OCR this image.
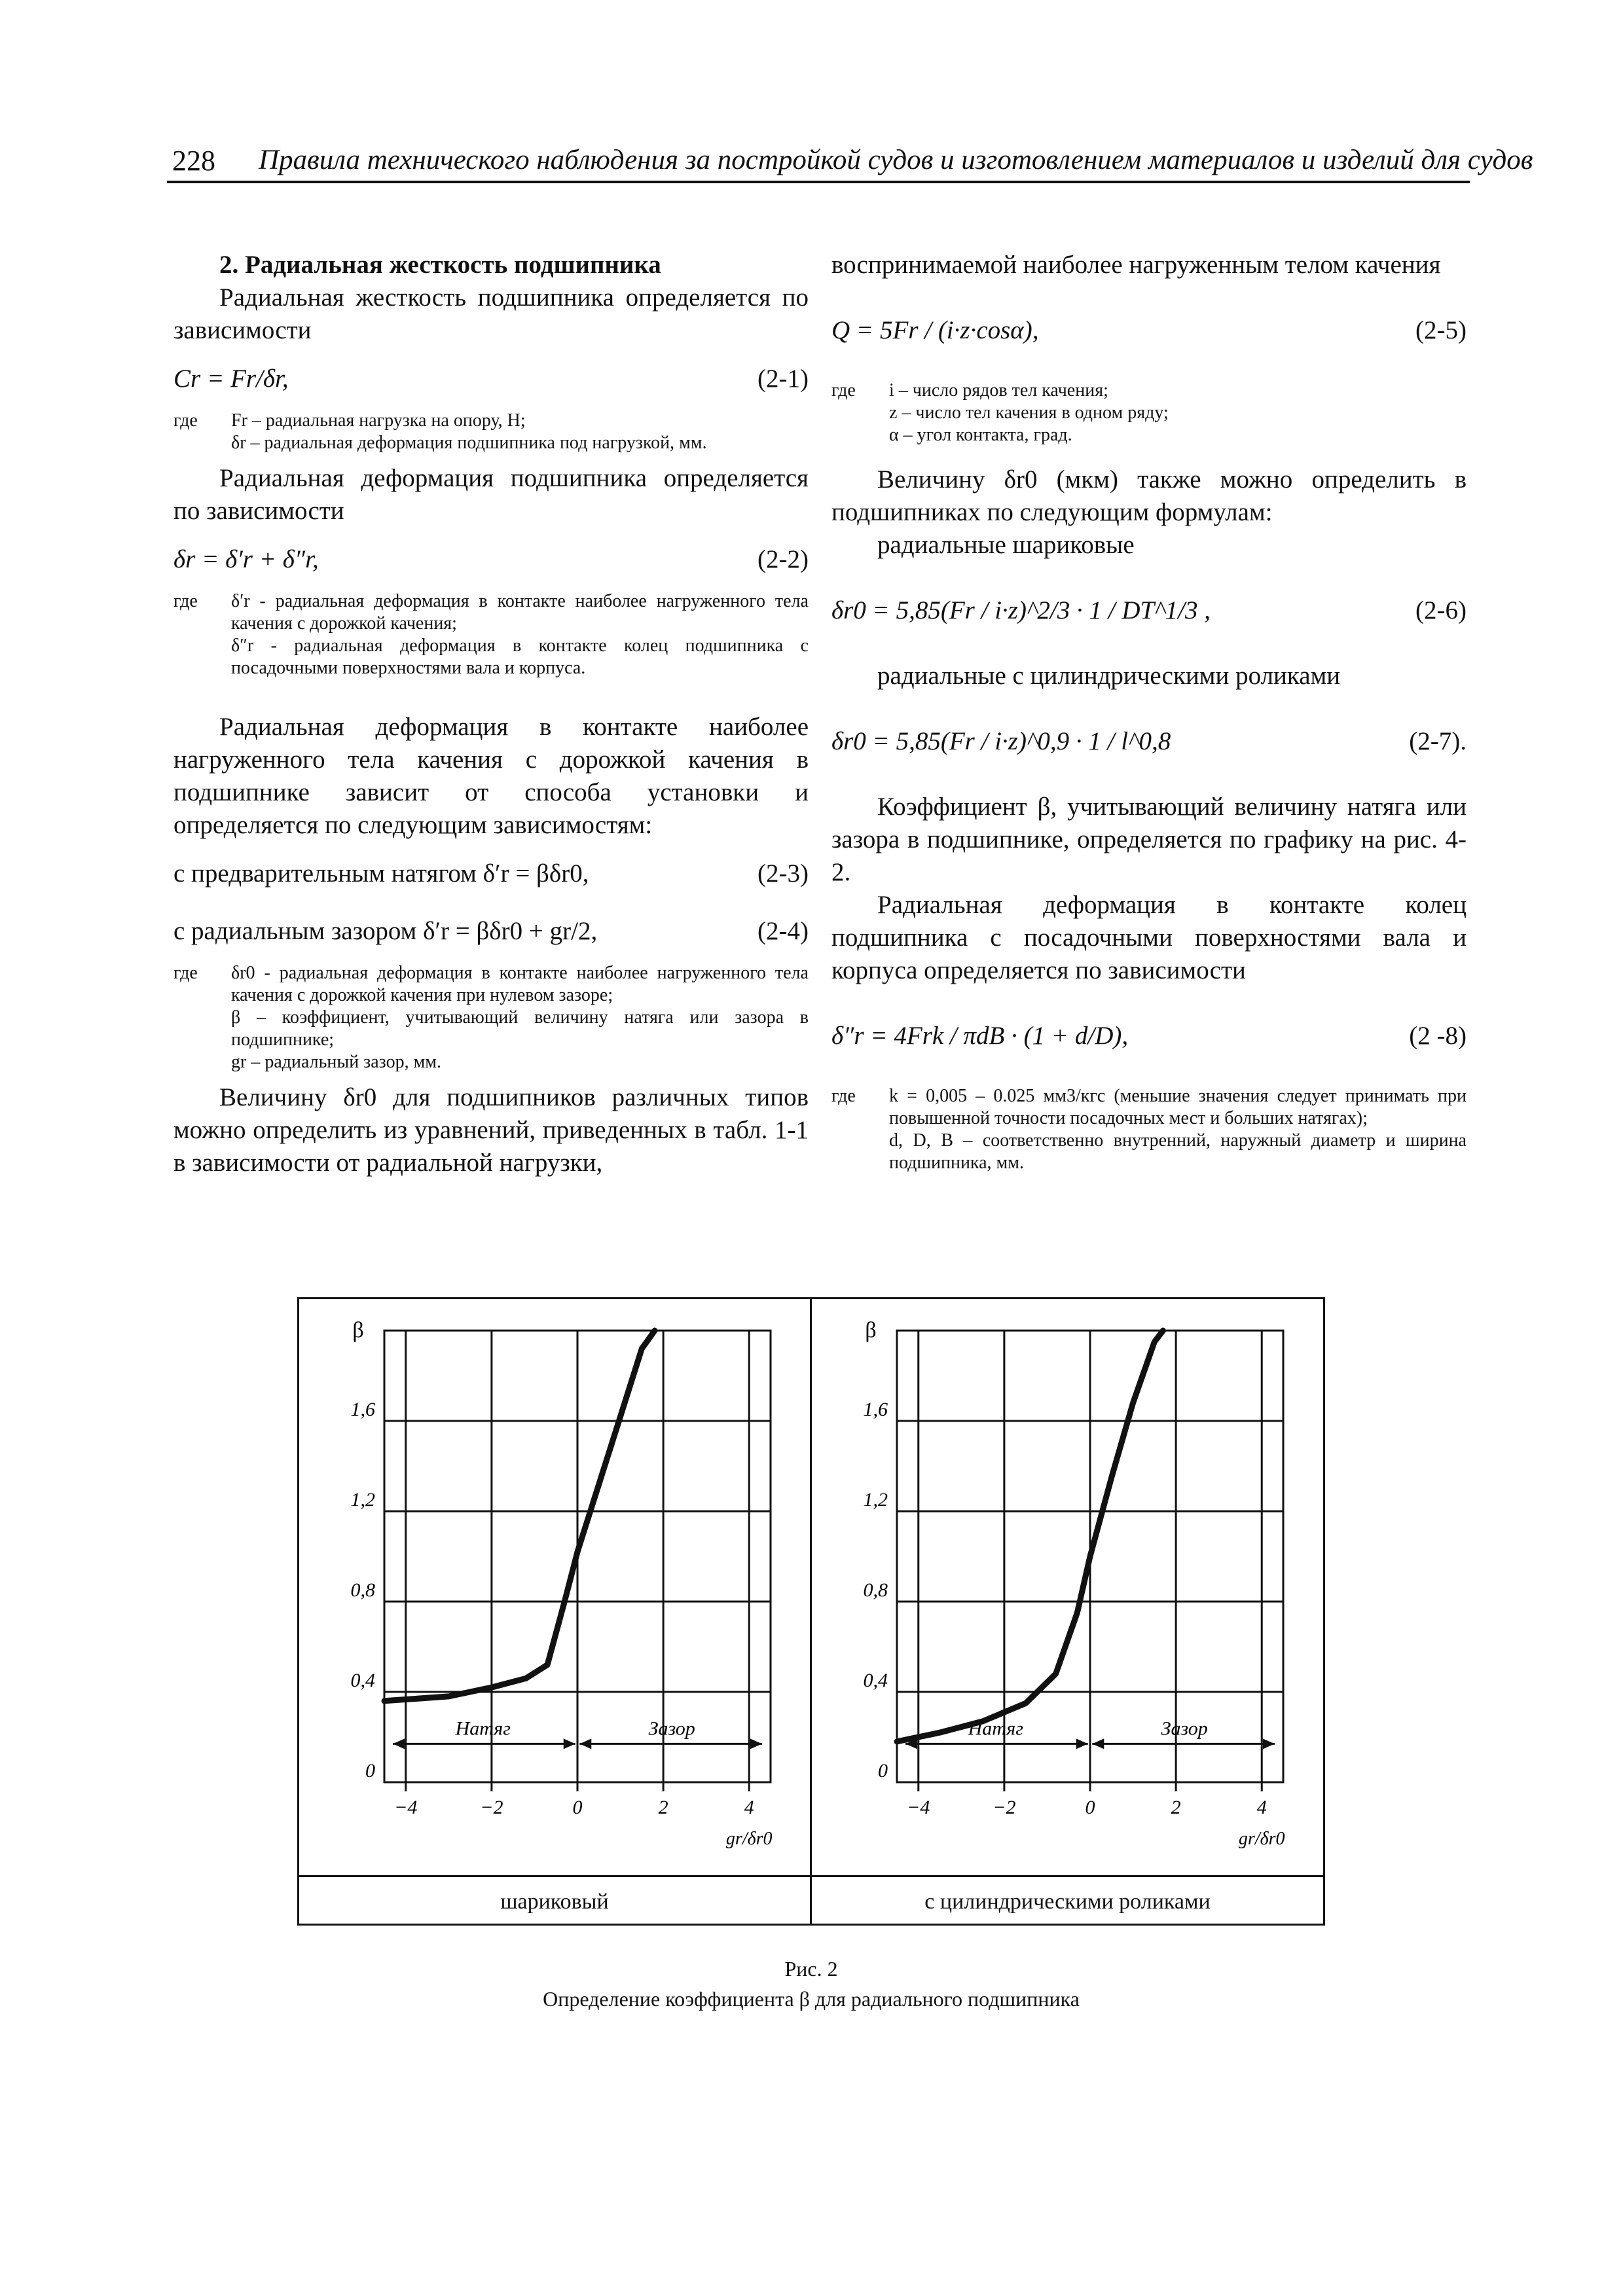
228 Правила технического наблюдения за постройкой судов и изготовлением материалов и изделий для судов
2. Радиальная жесткость подшипника

Радиальная жесткость подшипника определяется по зависимости

Cr = Fr/δr,	(2-1)
где	Fr – радиальная нагрузка на опору, Н;
δr – радиальная деформация подшипника под нагрузкой, мм.

Радиальная деформация подшипника определяется по зависимости

δr = δ′r + δ″r,	(2-2)
где	δ′r - радиальная деформация в контакте наиболее нагруженного тела качения с дорожкой качения;
δ″r - радиальная деформация в контакте колец подшипника с посадочными поверхностями вала и корпуса.

Радиальная деформация в контакте наиболее нагруженного тела качения с дорожкой качения в подшипнике зависит от способа установки и определяется по следующим зависимостям:

с предварительным натягом δ′r = βδr0,	(2-3)
с радиальным зазором δ′r = βδr0 + gr/2,	(2-4)
где	δr0 - радиальная деформация в контакте наиболее нагруженного тела качения с дорожкой качения при нулевом зазоре;
β – коэффициент, учитывающий величину натяга или зазора в подшипнике;
gr – радиальный зазор, мм.

Величину δr0 для подшипников различных типов можно определить из уравнений, приведенных в табл. 1-1 в зависимости от радиальной нагрузки,

воспринимаемой наиболее нагруженным телом качения

Q = 5Fr / (i·z·cosα),	(2-5)
где	i – число рядов тел качения;
z – число тел качения в одном ряду;
α – угол контакта, град.

Величину δr0 (мкм) также можно определить в подшипниках по следующим формулам:

радиальные шариковые

δr0 = 5,85(Fr / i·z)^2/3 · 1 / DT^1/3 ,	(2-6)

радиальные с цилиндрическими роликами

δr0 = 5,85(Fr / i·z)^0,9 · 1 / l^0,8	(2-7).

Коэффициент β, учитывающий величину натяга или зазора в подшипнике, определяется по графику на рис. 4-2.

Радиальная деформация в контакте колец подшипника с посадочными поверхностями вала и корпуса определяется по зависимости

δ″r = 4Frk / πdB · (1 + d/D),	(2 -8)
где	k = 0,005 – 0.025 мм3/кгс (меньшие значения следует принимать при повышенной точности посадочных мест и больших натягах);
d, D, B – соответственно внутренний, наружный диаметр и ширина подшипника, мм.
−4	−2	0	2	4
0
0,4
0,8
1,2
1,6
β
gr/δr0
Натяг	Зазор
−4	−2	0	2	4
0
0,4
0,8
1,2
1,6
β
gr/δr0
Натяг	Зазор
шариковый	с цилиндрическими роликами
Рис. 2
Определение коэффициента β для радиального подшипника
